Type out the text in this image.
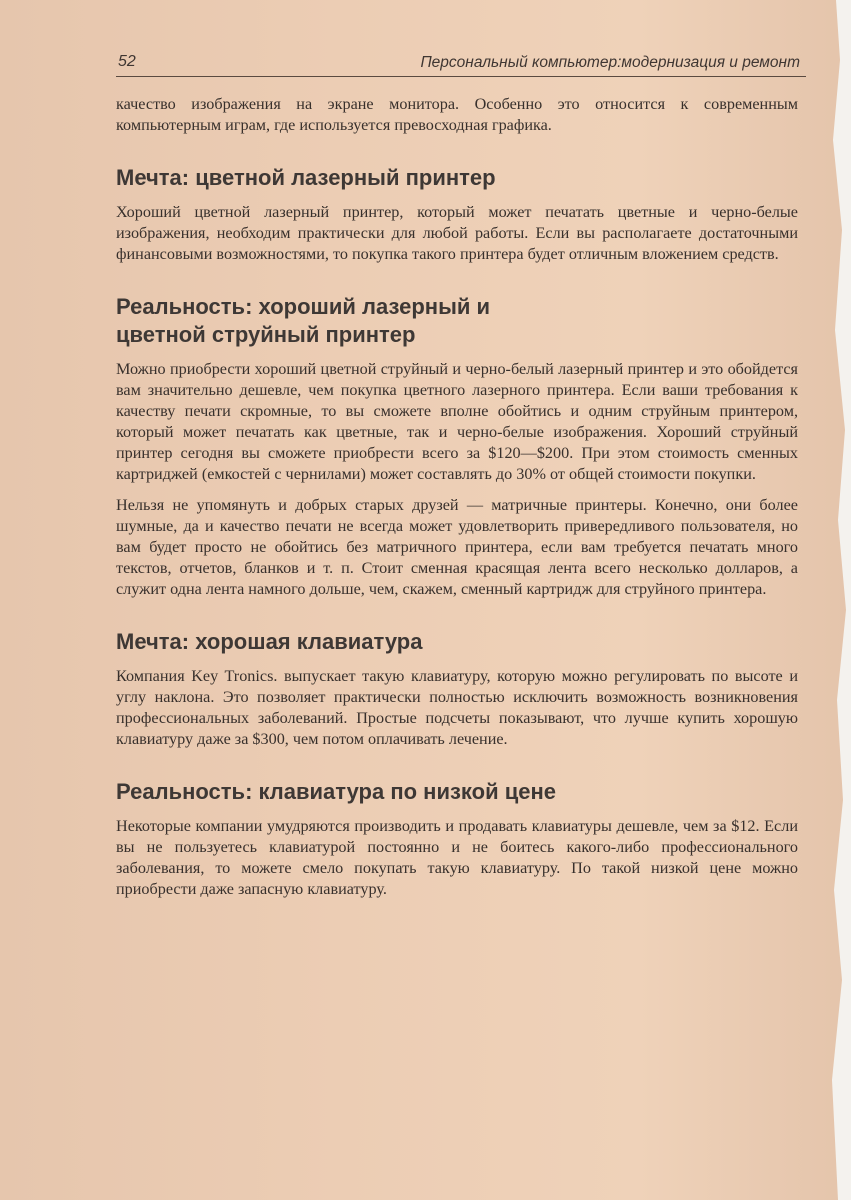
52	Персональный компьютер:модернизация и ремонт

качество изображения на экране монитора. Особенно это относится к современным компьютерным играм, где используется превосходная графика.

Мечта: цветной лазерный принтер

Хороший цветной лазерный принтер, который может печатать цветные и черно-белые изображения, необходим практически для любой работы. Если вы располагаете достаточными финансовыми возможностями, то покупка такого принтера будет отличным вложением средств.

Реальность: хороший лазерный и цветной струйный принтер

Можно приобрести хороший цветной струйный и черно-белый лазерный принтер и это обойдется вам значительно дешевле, чем покупка цветного лазерного принтера. Если ваши требования к качеству печати скромные, то вы сможете вполне обойтись и одним струйным принтером, который может печатать как цветные, так и черно-белые изображения. Хороший струйный принтер сегодня вы сможете приобрести всего за $120—$200. При этом стоимость сменных картриджей (емкостей с чернилами) может составлять до 30% от общей стоимости покупки.

Нельзя не упомянуть и добрых старых друзей — матричные принтеры. Конечно, они более шумные, да и качество печати не всегда может удовлетворить привередливого пользователя, но вам будет просто не обойтись без матричного принтера, если вам требуется печатать много текстов, отчетов, бланков и т. п. Стоит сменная красящая лента всего несколько долларов, а служит одна лента намного дольше, чем, скажем, сменный картридж для струйного принтера.

Мечта: хорошая клавиатура

Компания Key Tronics. выпускает такую клавиатуру, которую можно регулировать по высоте и углу наклона. Это позволяет практически полностью исключить возможность возникновения профессиональных заболеваний. Простые подсчеты показывают, что лучше купить хорошую клавиатуру даже за $300, чем потом оплачивать лечение.

Реальность: клавиатура по низкой цене

Некоторые компании умудряются производить и продавать клавиатуры дешевле, чем за $12. Если вы не пользуетесь клавиатурой постоянно и не боитесь какого-либо профессионального заболевания, то можете смело покупать такую клавиатуру. По такой низкой цене можно приобрести даже запасную клавиатуру.
